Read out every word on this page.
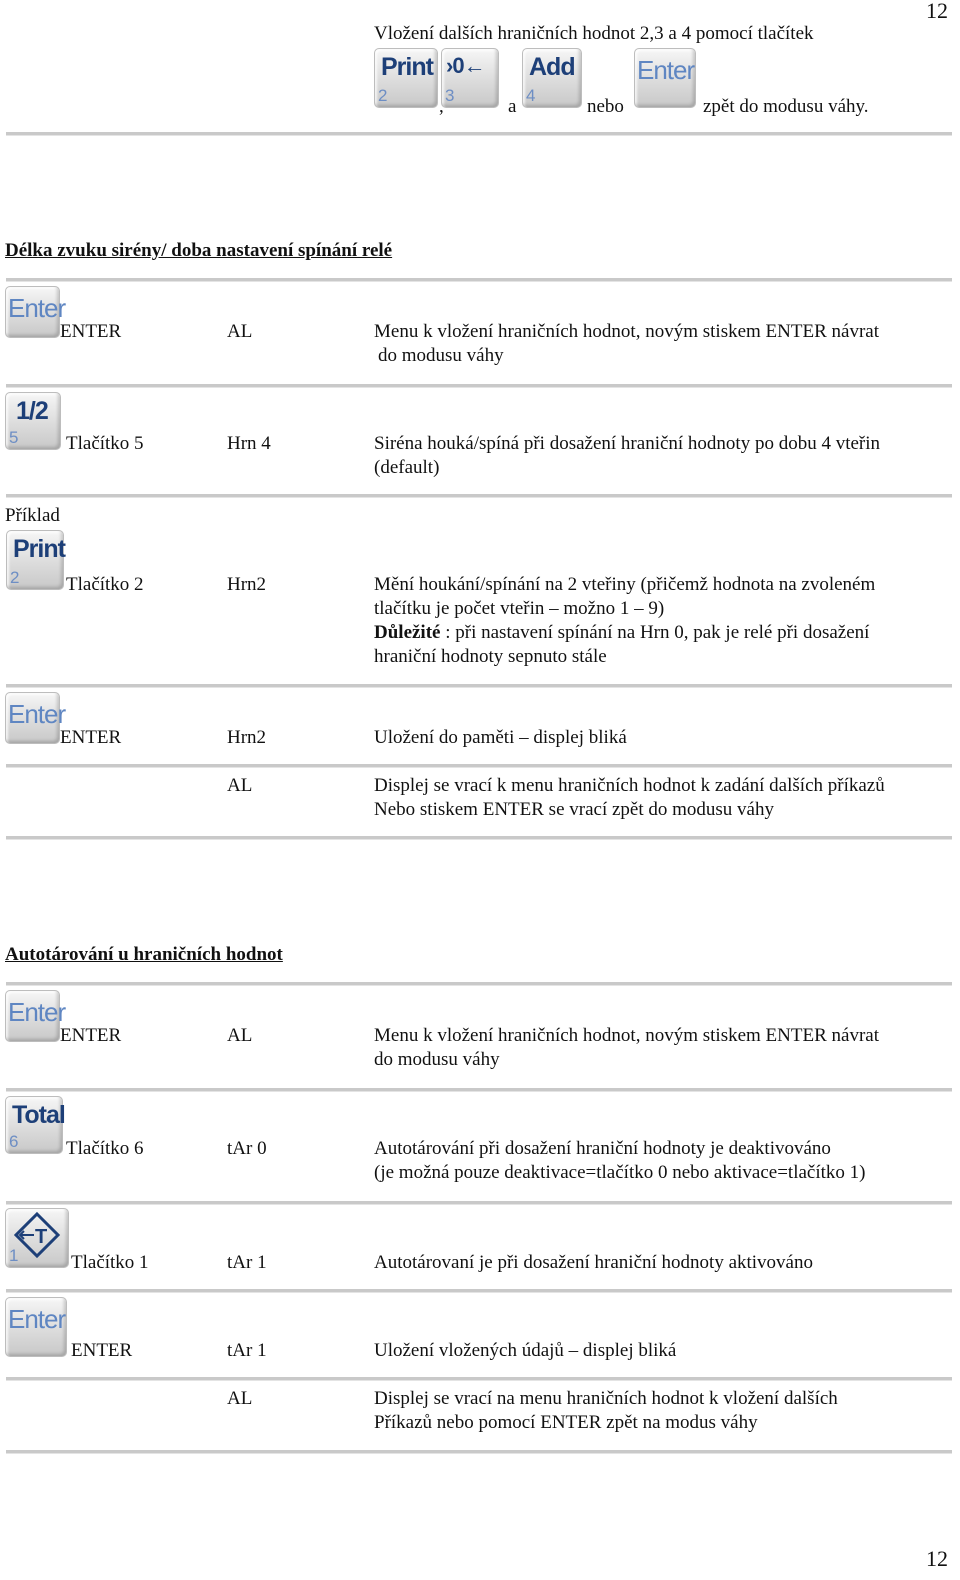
12
12
Vložení dalších hraničních hodnot 2,3 a 4 pomocí tlačítek
Print
2
›0←
3
Add
4
Enter
,	a	nebo	zpět do modusu váhy.
Délka zvuku sirény/ doba nastavení spínání relé
Enter
ENTER	AL	Menu k vložení hraničních hodnot, novým stiskem ENTER návrat
do modusu váhy
1/2
5	Tlačítko 5	Hrn 4	Siréna houká/spíná při dosažení hraniční hodnoty po dobu 4 vteřin
(default)
Příklad
Print
2 Tlačítko 2	Hrn2	Mění houkání/spínání na 2 vteřiny (přičemž hodnota na zvoleném
tlačítku je počet vteřin – možno 1 – 9)
Důležité : při nastavení spínání na Hrn 0, pak je relé při dosažení
hraniční hodnoty sepnuto stále
Enter
ENTER	Hrn2	Uložení do paměti – displej bliká
AL	Displej se vrací k menu hraničních hodnot k zadání dalších příkazů
Nebo stiskem ENTER se vrací zpět do modusu váhy
Autotárování u hraničních hodnot
Enter
ENTER	AL	Menu k vložení hraničních hodnot, novým stiskem ENTER návrat
do modusu váhy
Total
6	Tlačítko 6	tAr 0	Autotárování při dosažení hraniční hodnoty je deaktivováno
(je možná pouze deaktivace=tlačítko 0 nebo aktivace=tlačítko 1)
T
1	Tlačítko 1	tAr 1	Autotárovaní je při dosažení hraniční hodnoty aktivováno
Enter
ENTER	tAr 1	Uložení vložených údajů – displej bliká
AL	Displej se vrací na menu hraničních hodnot k vložení dalších
Příkazů nebo pomocí ENTER zpět na modus váhy
